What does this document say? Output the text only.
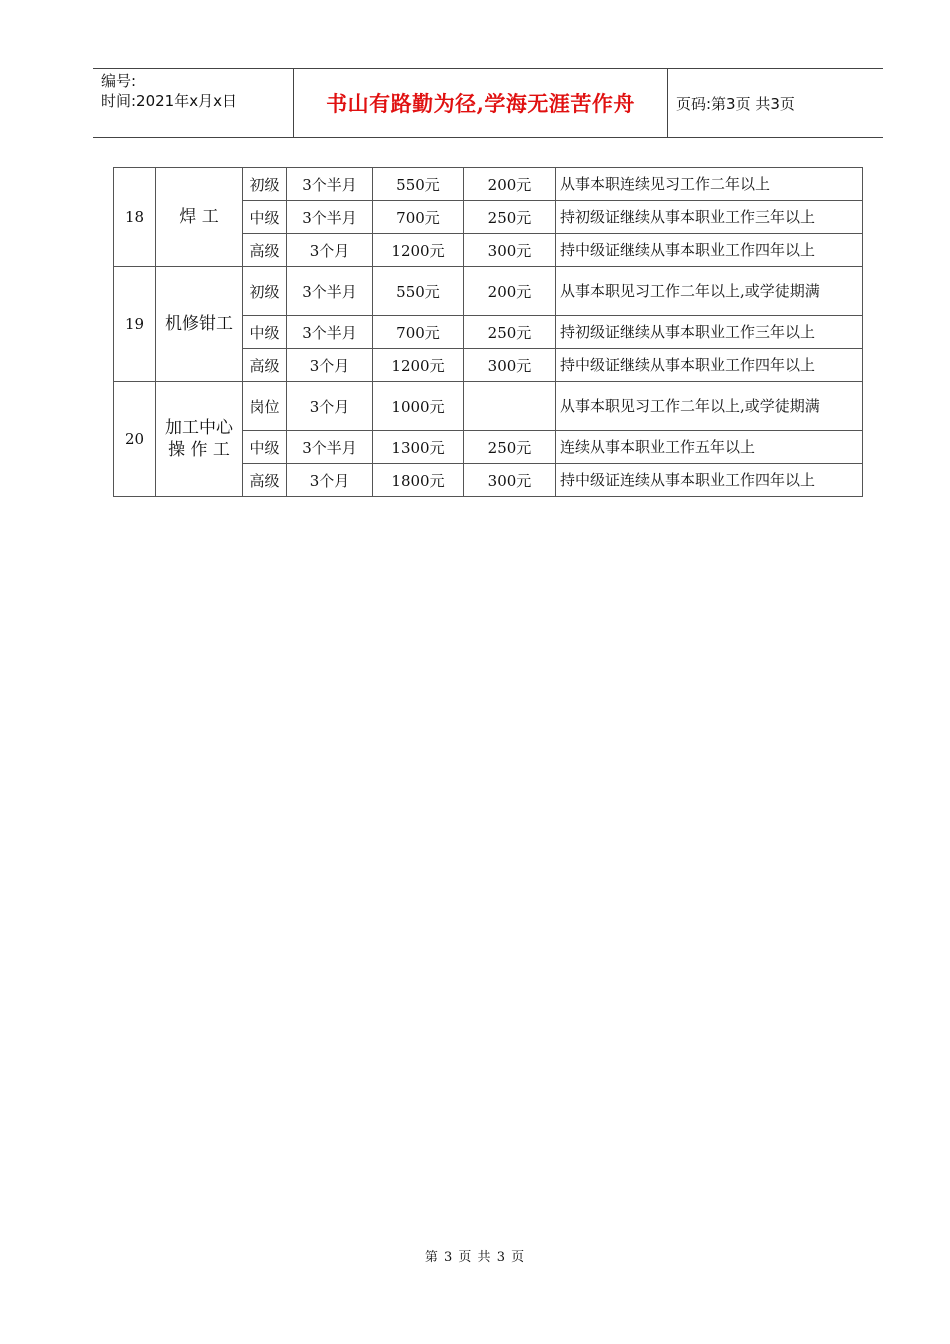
编号:
时间:2021年x月x日	书山有路勤为径,学海无涯苦作舟	页码:第3页 共3页
18	焊 工	初级	3个半月	550元	200元	从事本职连续见习工作二年以上
		中级	3个半月	700元	250元	持初级证继续从事本职业工作三年以上
		高级	3个月	1200元	300元	持中级证继续从事本职业工作四年以上
19	机修钳工	初级	3个半月	550元	200元	从事本职见习工作二年以上,或学徒期满
		中级	3个半月	700元	250元	持初级证继续从事本职业工作三年以上
		高级	3个月	1200元	300元	持中级证继续从事本职业工作四年以上
20	加工中心操 作 工	岗位	3个月	1000元		从事本职见习工作二年以上,或学徒期满
		中级	3个半月	1300元	250元	连续从事本职业工作五年以上
		高级	3个月	1800元	300元	持中级证连续从事本职业工作四年以上
第 3 页 共 3 页
